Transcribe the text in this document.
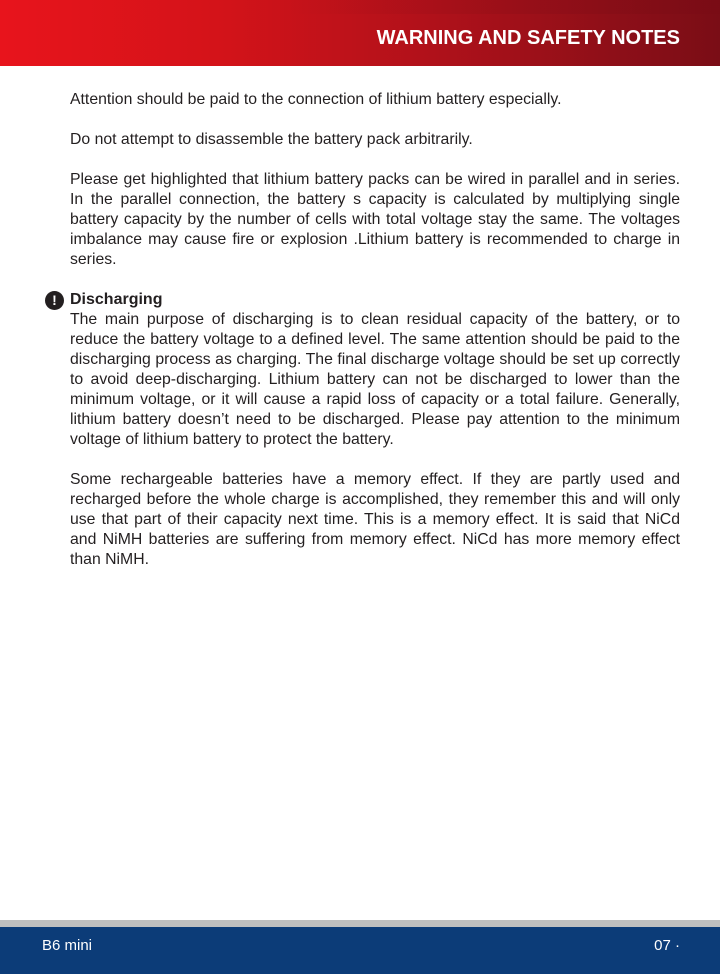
WARNING AND SAFETY NOTES

Attention should be paid to the connection of lithium battery especially.

Do not attempt to disassemble the battery pack arbitrarily.

Please get highlighted that lithium battery packs can be wired in parallel and in series. In the parallel connection, the battery s capacity is calculated by multiplying single battery capacity by the number of cells with total voltage stay the same. The voltages imbalance may cause fire or explosion .Lithium battery is recommended to charge in series.

! Discharging

The main purpose of discharging is to clean residual capacity of the battery, or to reduce the battery voltage to a defined level. The same attention should be paid to the discharging process as charging. The final discharge voltage should be set up correctly to avoid deep-discharging. Lithium battery can not be discharged to lower than the minimum voltage, or it will cause a rapid loss of capacity or a total failure. Generally, lithium battery doesn’t need to be discharged. Please pay attention to the minimum voltage of lithium battery to protect the battery.

Some rechargeable batteries have a memory effect. If they are partly used and recharged before the whole charge is accomplished, they remember this and will only use that part of their capacity next time. This is a memory effect. It is said that NiCd and NiMH batteries are suffering from memory effect. NiCd has more memory effect than NiMH.

B6 mini	07 ·
